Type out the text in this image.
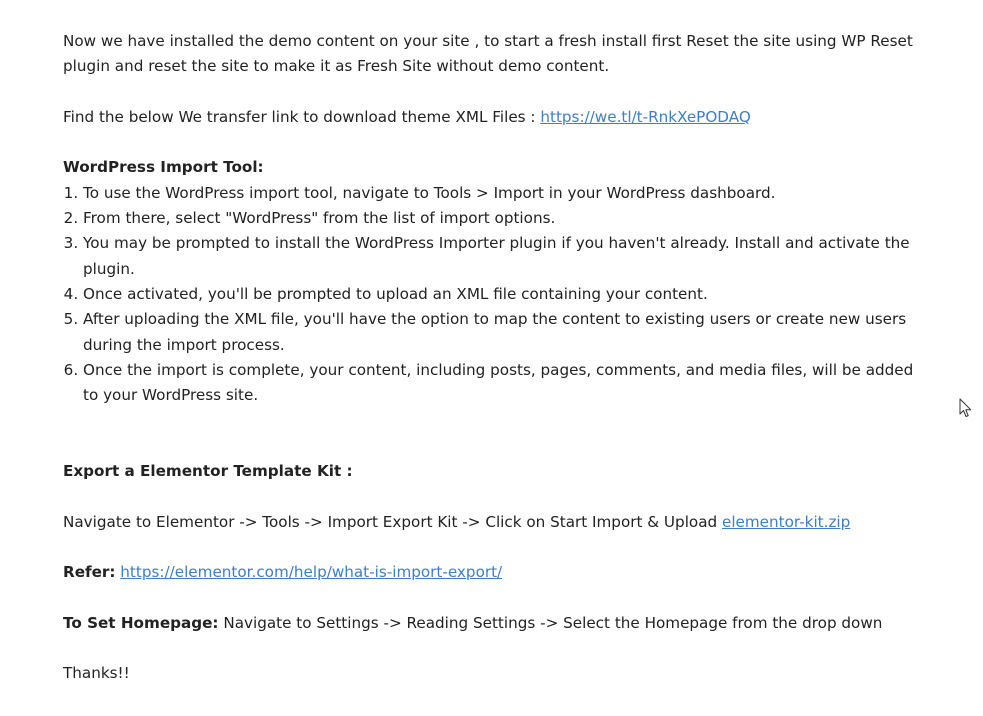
Now we have installed the demo content on your site , to start a fresh install first Reset the site using WP Reset plugin and reset the site to make it as Fresh Site without demo content.

Find the below We transfer link to download theme XML Files : https://we.tl/t-RnkXePODAQ

WordPress Import Tool:

1. To use the WordPress import tool, navigate to Tools > Import in your WordPress dashboard.
2. From there, select "WordPress" from the list of import options.
3. You may be prompted to install the WordPress Importer plugin if you haven't already. Install and activate the plugin.
4. Once activated, you'll be prompted to upload an XML file containing your content.
5. After uploading the XML file, you'll have the option to map the content to existing users or create new users during the import process.
6. Once the import is complete, your content, including posts, pages, comments, and media files, will be added to your WordPress site.

Export a Elementor Template Kit :

Navigate to Elementor -> Tools -> Import Export Kit -> Click on Start Import & Upload elementor-kit.zip

Refer: https://elementor.com/help/what-is-import-export/

To Set Homepage: Navigate to Settings -> Reading Settings -> Select the Homepage from the drop down

Thanks!!
